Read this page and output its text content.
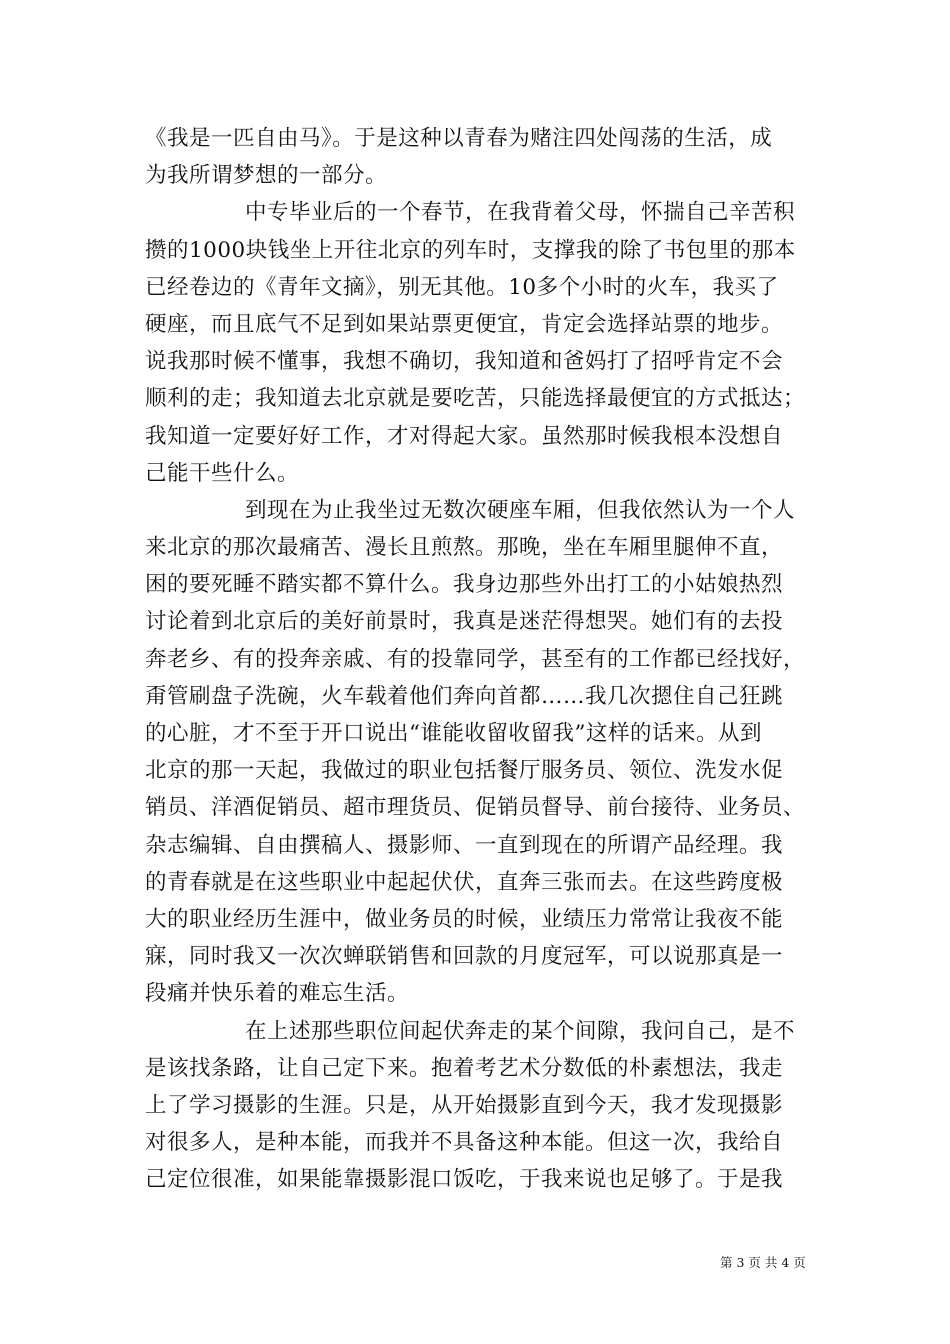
《我是一匹自由马》。于是这种以青春为赌注四处闯荡的生活，成
为我所谓梦想的一部分。
中专毕业后的一个春节，在我背着父母，怀揣自己辛苦积
攒的1000块钱坐上开往北京的列车时，支撑我的除了书包里的那本
已经卷边的《青年文摘》，别无其他。10多个小时的火车，我买了
硬座，而且底气不足到如果站票更便宜，肯定会选择站票的地步。
说我那时候不懂事，我想不确切，我知道和爸妈打了招呼肯定不会
顺利的走；我知道去北京就是要吃苦，只能选择最便宜的方式抵达；
我知道一定要好好工作，才对得起大家。虽然那时候我根本没想自
己能干些什么。
到现在为止我坐过无数次硬座车厢，但我依然认为一个人
来北京的那次最痛苦、漫长且煎熬。那晚，坐在车厢里腿伸不直，
困的要死睡不踏实都不算什么。我身边那些外出打工的小姑娘热烈
讨论着到北京后的美好前景时，我真是迷茫得想哭。她们有的去投
奔老乡、有的投奔亲戚、有的投靠同学，甚至有的工作都已经找好，
甭管刷盘子洗碗，火车载着他们奔向首都……我几次摁住自己狂跳
的心脏，才不至于开口说出“谁能收留收留我”这样的话来。从到
北京的那一天起，我做过的职业包括餐厅服务员、领位、洗发水促
销员、洋酒促销员、超市理货员、促销员督导、前台接待、业务员、
杂志编辑、自由撰稿人、摄影师、一直到现在的所谓产品经理。我
的青春就是在这些职业中起起伏伏，直奔三张而去。在这些跨度极
大的职业经历生涯中，做业务员的时候，业绩压力常常让我夜不能
寐，同时我又一次次蝉联销售和回款的月度冠军，可以说那真是一
段痛并快乐着的难忘生活。
在上述那些职位间起伏奔走的某个间隙，我问自己，是不
是该找条路，让自己定下来。抱着考艺术分数低的朴素想法，我走
上了学习摄影的生涯。只是，从开始摄影直到今天，我才发现摄影
对很多人，是种本能，而我并不具备这种本能。但这一次，我给自
己定位很准，如果能靠摄影混口饭吃，于我来说也足够了。于是我
第 3 页 共 4 页
